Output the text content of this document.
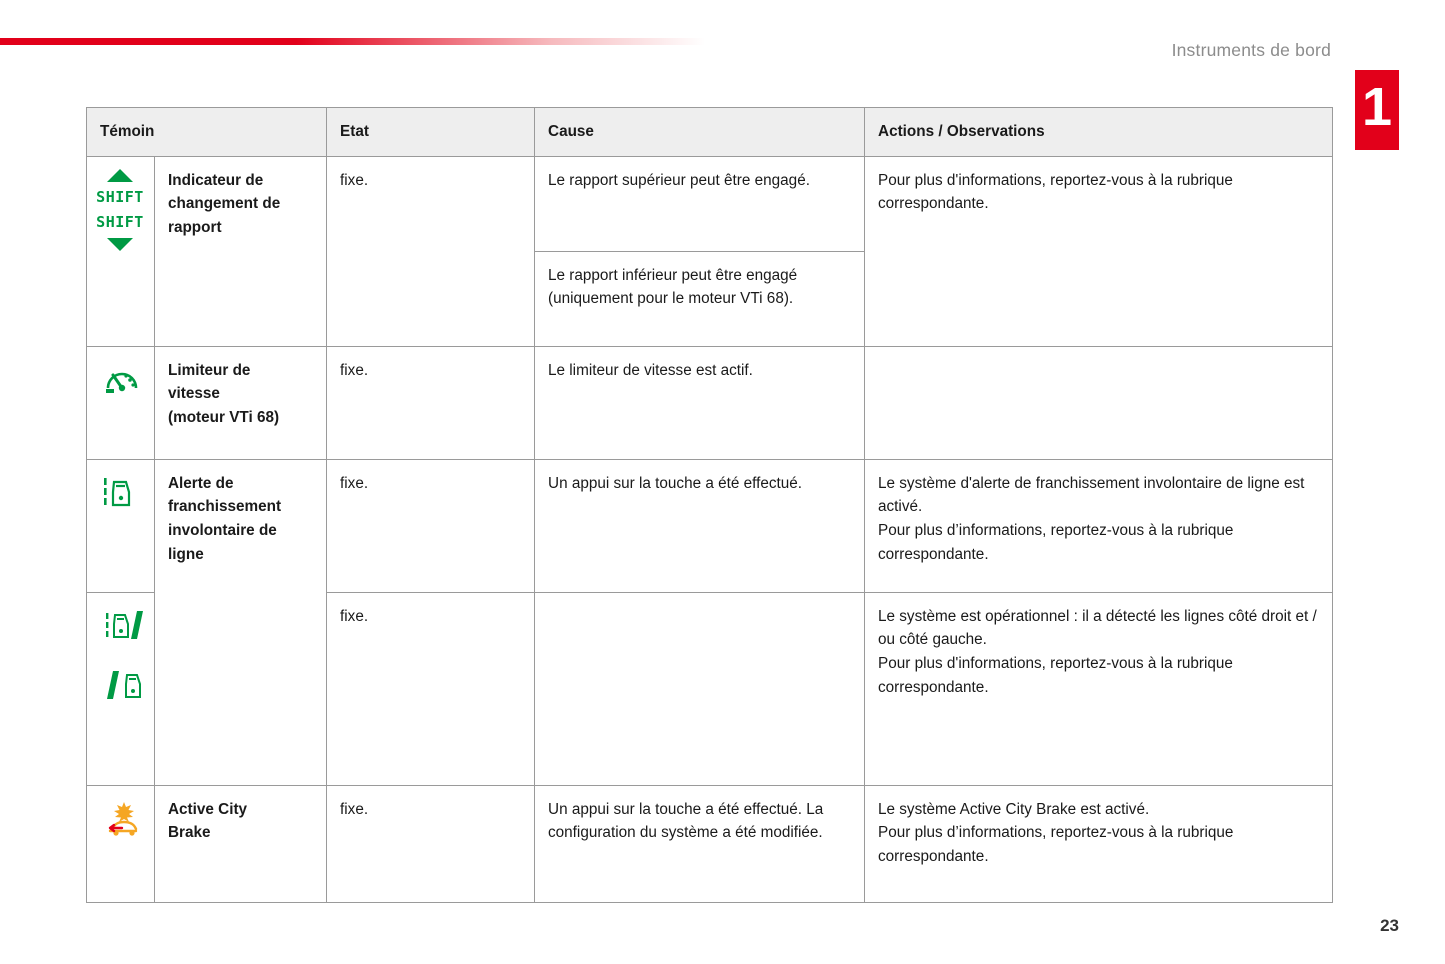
Instruments de bord
1
Témoin		Etat	Cause	Actions / Observations

SHIFT
SHIFT

Indicateur de
changement de
rapport
	fixe.	Le rapport supérieur peut être engagé.	Pour plus d'informations, reportez-vous à la rubrique correspondante.
			Le rapport inférieur peut être engagé (uniquement pour le moteur VTi 68).	

Limiteur de
vitesse
(moteur VTi 68)	fixe.	Le limiteur de vitesse est actif.	

Alerte de
franchissement
involontaire de
ligne	fixe.	Un appui sur la touche a été effectué.	Le système d'alerte de franchissement involontaire de ligne est activé.
Pour plus d’informations, reportez-vous à la rubrique correspondante.

	fixe.		Le système est opérationnel : il a détecté les lignes côté droit et / ou côté gauche.
Pour plus d'informations, reportez-vous à la rubrique correspondante.

Active City
Brake	fixe.	Un appui sur la touche a été effectué. La configuration du système a été modifiée.	Le système Active City Brake est activé.
Pour plus d’informations, reportez-vous à la rubrique correspondante.
23
